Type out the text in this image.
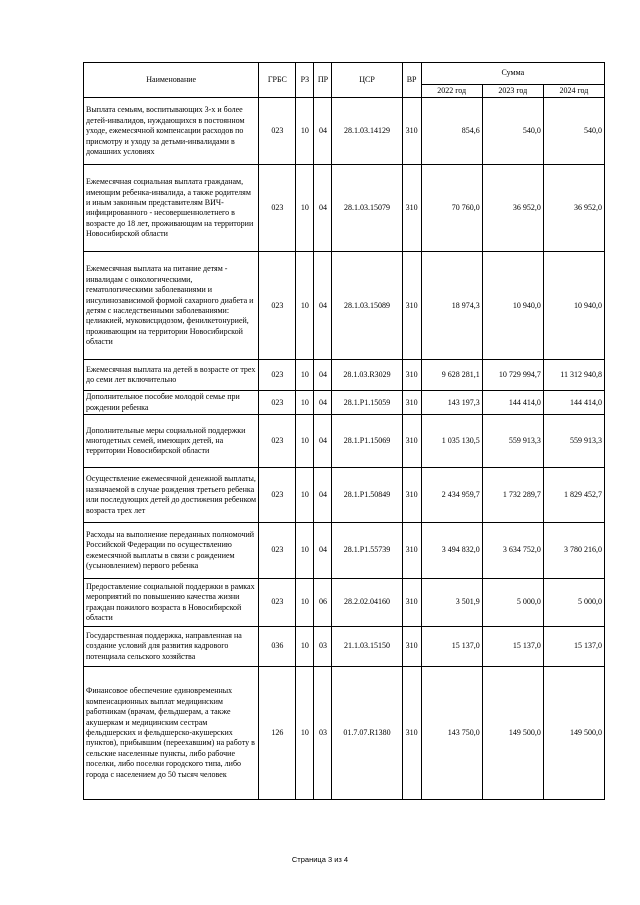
Наименование	ГРБС	РЗ	ПР	ЦСР	ВР	Сумма		
						2022 год	2023 год	2024 год
Выплата семьям, воспитывающих 3-х и более детей-инвалидов, нуждающихся в постоянном уходе, ежемесячной компенсации расходов по присмотру и уходу за детьми-инвалидами в домашних условиях	023	10	04	28.1.03.14129	310	854,6	540,0	540,0
Ежемесячная социальная выплата гражданам, имеющим ребенка-инвалида, а также родителям и иным законным представителям ВИЧ-инфицированного - несовершеннолетнего в возрасте до 18 лет, проживающим на территории Новосибирской области	023	10	04	28.1.03.15079	310	70 760,0	36 952,0	36 952,0
Ежемесячная выплата на питание детям - инвалидам с онкологическими, гематологическими заболеваниями и инсулинозависимой формой сахарного диабета и детям с наследственными заболеваниями: целиакией, муковисцидозом, фенилкетонурией, проживающим на территории Новосибирской области	023	10	04	28.1.03.15089	310	18 974,3	10 940,0	10 940,0
Ежемесячная выплата на детей в возрасте от трех до семи лет включительно	023	10	04	28.1.03.R3029	310	9 628 281,1	10 729 994,7	11 312 940,8
Дополнительное пособие молодой семье при рождении ребенка	023	10	04	28.1.P1.15059	310	143 197,3	144 414,0	144 414,0
Дополнительные меры социальной поддержки многодетных семей, имеющих детей, на территории Новосибирской области	023	10	04	28.1.P1.15069	310	1 035 130,5	559 913,3	559 913,3
Осуществление ежемесячной денежной выплаты, назначаемой в случае рождения третьего ребенка или последующих детей до достижения ребенком возраста трех лет	023	10	04	28.1.P1.50849	310	2 434 959,7	1 732 289,7	1 829 452,7
Расходы на выполнение переданных полномочий Российской Федерации по осуществлению ежемесячной выплаты в связи с рождением (усыновлением) первого ребенка	023	10	04	28.1.P1.55739	310	3 494 832,0	3 634 752,0	3 780 216,0
Предоставление социальной поддержки в рамках мероприятий по повышению качества жизни граждан пожилого возраста в Новосибирской области	023	10	06	28.2.02.04160	310	3 501,9	5 000,0	5 000,0
Государственная поддержка, направленная на создание условий для развития кадрового потенциала сельского хозяйства	036	10	03	21.1.03.15150	310	15 137,0	15 137,0	15 137,0
Финансовое обеспечение единовременных компенсационных выплат медицинским работникам (врачам, фельдшерам, а также акушеркам и медицинским сестрам фельдшерских и фельдшерско-акушерских пунктов), прибывшим (переехавшим) на работу в сельские населенные пункты, либо рабочие поселки, либо поселки городского типа, либо города с населением до 50 тысяч человек	126	10	03	01.7.07.R1380	310	143 750,0	149 500,0	149 500,0
Страница 3 из 4
